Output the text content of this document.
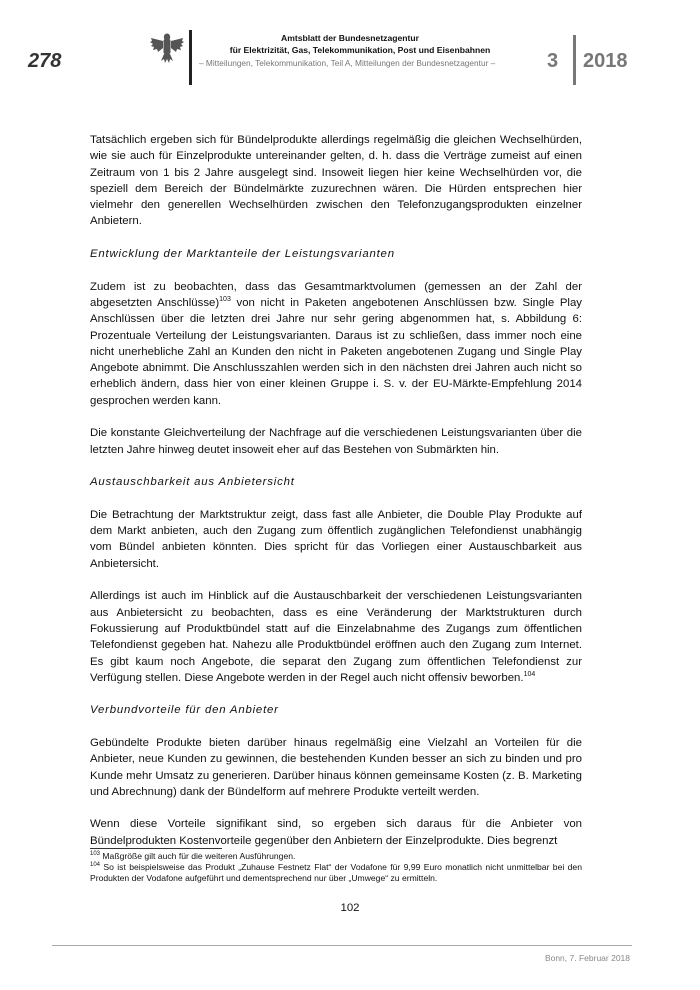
278
Amtsblatt der Bundesnetzagentur
für Elektrizität, Gas, Telekommunikation, Post und Eisenbahnen
– Mitteilungen, Telekommunikation, Teil A, Mitteilungen der Bundesnetzagentur –	3 2018

Tatsächlich ergeben sich für Bündelprodukte allerdings regelmäßig die gleichen Wechselhürden, wie sie auch für Einzelprodukte untereinander gelten, d. h. dass die Verträge zumeist auf einen Zeitraum von 1 bis 2 Jahre ausgelegt sind. Insoweit liegen hier keine Wechselhürden vor, die speziell dem Bereich der Bündelmärkte zuzurechnen wären. Die Hürden entsprechen hier vielmehr den generellen Wechselhürden zwischen den Telefonzugangsprodukten einzelner Anbietern.

Entwicklung der Marktanteile der Leistungsvarianten

Zudem ist zu beobachten, dass das Gesamtmarktvolumen (gemessen an der Zahl der abgesetzten Anschlüsse)$^{103}$ von nicht in Paketen angebotenen Anschlüssen bzw. Single Play Anschlüssen über die letzten drei Jahre nur sehr gering abgenommen hat, s. Abbildung 6: Prozentuale Verteilung der Leistungsvarianten. Daraus ist zu schließen, dass immer noch eine nicht unerhebliche Zahl an Kunden den nicht in Paketen angebotenen Zugang und Single Play Angebote abnimmt. Die Anschlusszahlen werden sich in den nächsten drei Jahren auch nicht so erheblich ändern, dass hier von einer kleinen Gruppe i. S. v. der EU-Märkte-Empfehlung 2014 gesprochen werden kann.

Die konstante Gleichverteilung der Nachfrage auf die verschiedenen Leistungsvarianten über die letzten Jahre hinweg deutet insoweit eher auf das Bestehen von Submärkten hin.

Austauschbarkeit aus Anbietersicht

Die Betrachtung der Marktstruktur zeigt, dass fast alle Anbieter, die Double Play Produkte auf dem Markt anbieten, auch den Zugang zum öffentlich zugänglichen Telefondienst unabhängig vom Bündel anbieten könnten. Dies spricht für das Vorliegen einer Austauschbarkeit aus Anbietersicht.

Allerdings ist auch im Hinblick auf die Austauschbarkeit der verschiedenen Leistungsvarianten aus Anbietersicht zu beobachten, dass es eine Veränderung der Marktstrukturen durch Fokussierung auf Produktbündel statt auf die Einzelabnahme des Zugangs zum öffentlichen Telefondienst gegeben hat. Nahezu alle Produktbündel eröffnen auch den Zugang zum Internet. Es gibt kaum noch Angebote, die separat den Zugang zum öffentlichen Telefondienst zur Verfügung stellen. Diese Angebote werden in der Regel auch nicht offensiv beworben.$^{104}$

Verbundvorteile für den Anbieter

Gebündelte Produkte bieten darüber hinaus regelmäßig eine Vielzahl an Vorteilen für die Anbieter, neue Kunden zu gewinnen, die bestehenden Kunden besser an sich zu binden und pro Kunde mehr Umsatz zu generieren. Darüber hinaus können gemeinsame Kosten (z. B. Marketing und Abrechnung) dank der Bündelform auf mehrere Produkte verteilt werden.

Wenn diese Vorteile signifikant sind, so ergeben sich daraus für die Anbieter von Bündelprodukten Kostenvorteile gegenüber den Anbietern der Einzelprodukte. Dies begrenzt

$^{103}$ Maßgröße gilt auch für die weiteren Ausführungen.

$^{104}$ So ist beispielsweise das Produkt „Zuhause Festnetz Flat“ der Vodafone für 9,99 Euro monatlich nicht unmittelbar bei den Produkten der Vodafone aufgeführt und dementsprechend nur über „Umwege“ zu ermitteln.

102
Bonn, 7. Februar 2018
